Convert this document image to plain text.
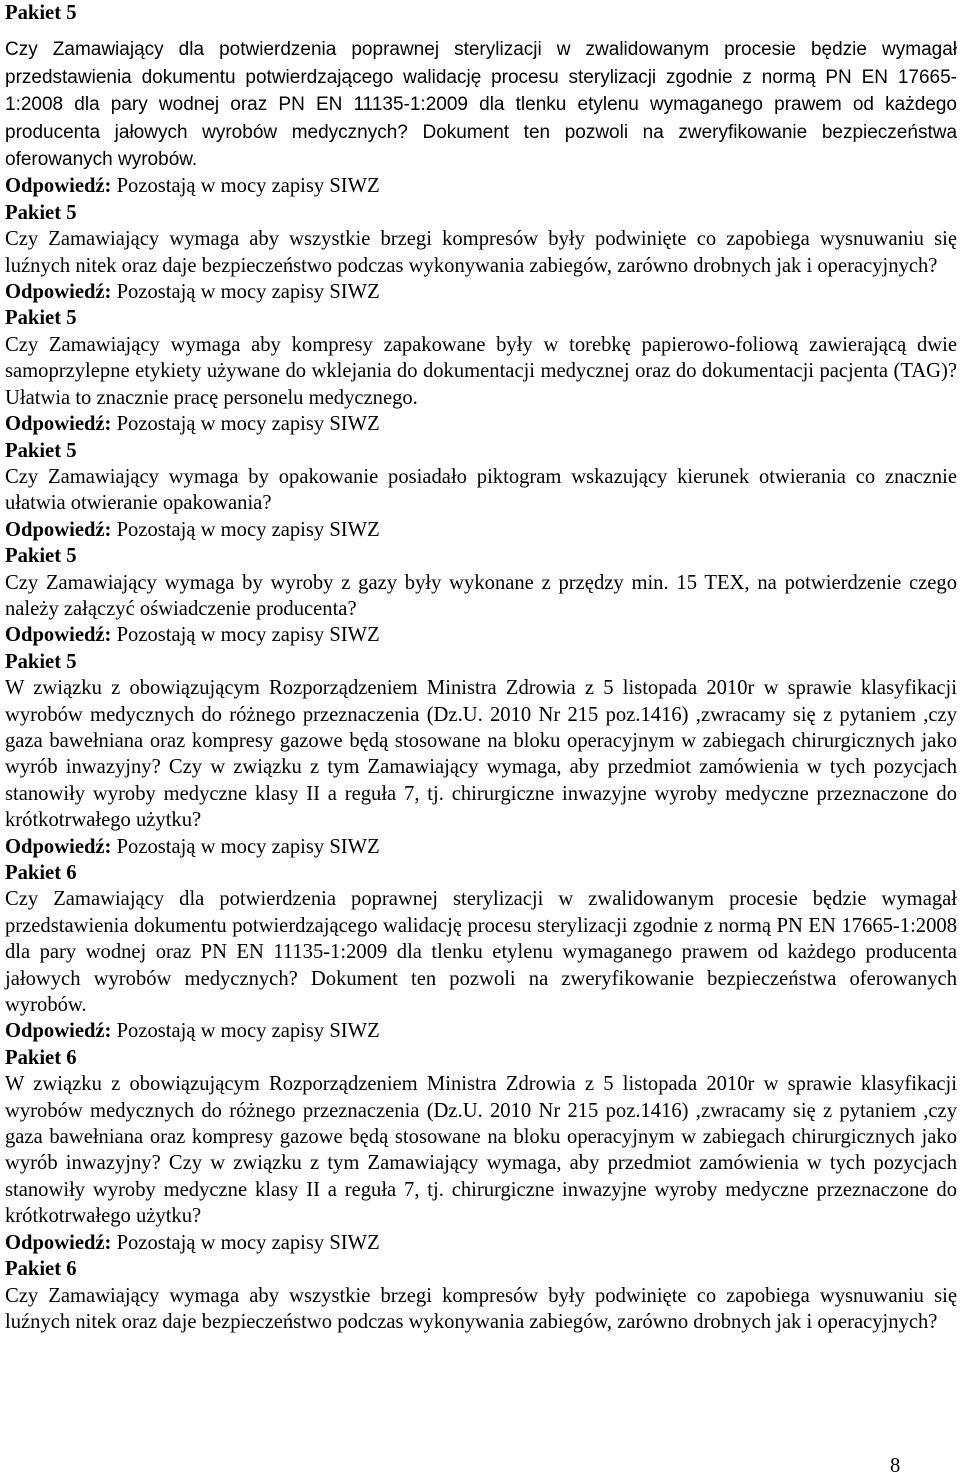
Pakiet 5

Czy Zamawiający dla potwierdzenia poprawnej sterylizacji w zwalidowanym procesie będzie wymagał przedstawienia dokumentu potwierdzającego walidację procesu sterylizacji zgodnie z normą PN EN 17665-1:2008 dla pary wodnej oraz PN EN 11135-1:2009 dla tlenku etylenu wymaganego prawem od każdego producenta jałowych wyrobów medycznych? Dokument ten pozwoli na zweryfikowanie bezpieczeństwa oferowanych wyrobów.

Odpowiedź: Pozostają w mocy zapisy SIWZ

Pakiet 5

Czy Zamawiający wymaga aby wszystkie brzegi kompresów były podwinięte co zapobiega wysnuwaniu się luźnych nitek oraz daje bezpieczeństwo podczas wykonywania zabiegów, zarówno drobnych jak i operacyjnych?

Odpowiedź: Pozostają w mocy zapisy SIWZ

Pakiet 5

Czy Zamawiający wymaga aby kompresy zapakowane były w torebkę papierowo-foliową zawierającą dwie samoprzylepne etykiety używane do wklejania do dokumentacji medycznej oraz do dokumentacji pacjenta (TAG)? Ułatwia to znacznie pracę personelu medycznego.

Odpowiedź: Pozostają w mocy zapisy SIWZ

Pakiet 5

Czy Zamawiający wymaga by opakowanie posiadało piktogram wskazujący kierunek otwierania co znacznie ułatwia otwieranie opakowania?

Odpowiedź: Pozostają w mocy zapisy SIWZ

Pakiet 5

Czy Zamawiający wymaga by wyroby z gazy były wykonane z przędzy min. 15 TEX, na potwierdzenie czego należy załączyć oświadczenie producenta?

Odpowiedź: Pozostają w mocy zapisy SIWZ

Pakiet 5

W związku z obowiązującym Rozporządzeniem Ministra Zdrowia z 5 listopada 2010r w sprawie klasyfikacji wyrobów medycznych do różnego przeznaczenia (Dz.U. 2010 Nr 215 poz.1416) ,zwracamy się z pytaniem ,czy gaza bawełniana oraz kompresy gazowe będą stosowane na bloku operacyjnym w zabiegach chirurgicznych jako wyrób inwazyjny? Czy w związku z tym Zamawiający wymaga, aby przedmiot zamówienia w tych pozycjach stanowiły wyroby medyczne klasy II a reguła 7, tj. chirurgiczne inwazyjne wyroby medyczne przeznaczone do krótkotrwałego użytku?

Odpowiedź: Pozostają w mocy zapisy SIWZ

Pakiet 6

Czy Zamawiający dla potwierdzenia poprawnej sterylizacji w zwalidowanym procesie będzie wymagał przedstawienia dokumentu potwierdzającego walidację procesu sterylizacji zgodnie z normą PN EN 17665-1:2008 dla pary wodnej oraz PN EN 11135-1:2009 dla tlenku etylenu wymaganego prawem od każdego producenta jałowych wyrobów medycznych? Dokument ten pozwoli na zweryfikowanie bezpieczeństwa oferowanych wyrobów.

Odpowiedź: Pozostają w mocy zapisy SIWZ

Pakiet 6

W związku z obowiązującym Rozporządzeniem Ministra Zdrowia z 5 listopada 2010r w sprawie klasyfikacji wyrobów medycznych do różnego przeznaczenia (Dz.U. 2010 Nr 215 poz.1416) ,zwracamy się z pytaniem ,czy gaza bawełniana oraz kompresy gazowe będą stosowane na bloku operacyjnym w zabiegach chirurgicznych jako wyrób inwazyjny? Czy w związku z tym Zamawiający wymaga, aby przedmiot zamówienia w tych pozycjach stanowiły wyroby medyczne klasy II a reguła 7, tj. chirurgiczne inwazyjne wyroby medyczne przeznaczone do krótkotrwałego użytku?

Odpowiedź: Pozostają w mocy zapisy SIWZ

Pakiet 6

Czy Zamawiający wymaga aby wszystkie brzegi kompresów były podwinięte co zapobiega wysnuwaniu się luźnych nitek oraz daje bezpieczeństwo podczas wykonywania zabiegów, zarówno drobnych jak i operacyjnych?

8
